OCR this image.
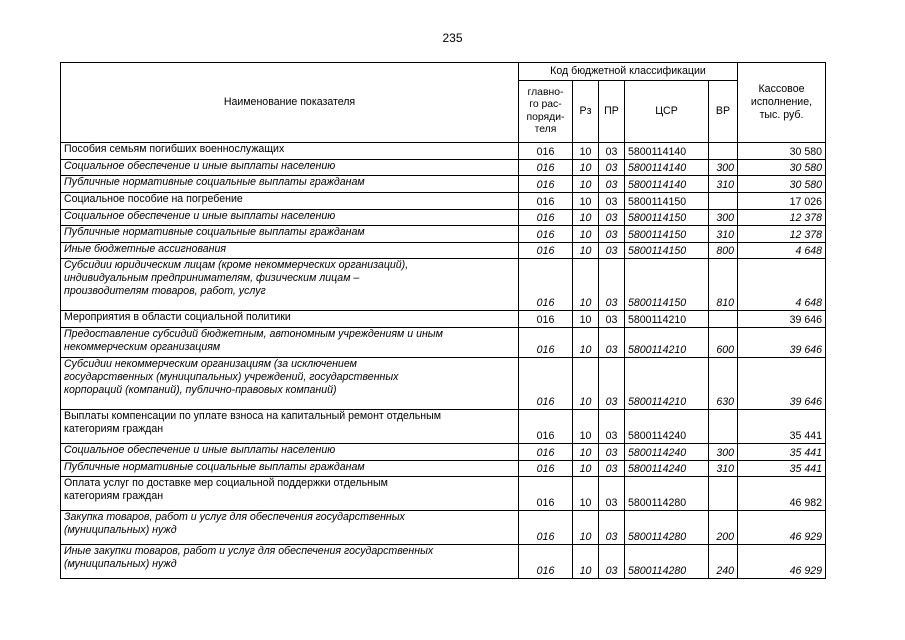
235
Наименование показателя	Код бюджетной классификации					Кассовое
исполнение,
тыс. руб.
	главно-
го рас-
поряди-
теля	Рз	ПР	ЦСР	ВР	
Пособия семьям погибших военнослужащих	016	10	03	5800114140		30 580
Социальное обеспечение и иные выплаты населению	016	10	03	5800114140	300	30 580
Публичные нормативные социальные выплаты гражданам	016	10	03	5800114140	310	30 580
Социальное пособие на погребение	016	10	03	5800114150		17 026
Социальное обеспечение и иные выплаты населению	016	10	03	5800114150	300	12 378
Публичные нормативные социальные выплаты гражданам	016	10	03	5800114150	310	12 378
Иные бюджетные ассигнования	016	10	03	5800114150	800	4 648
Субсидии юридическим лицам (кроме некоммерческих организаций),
индивидуальным предпринимателям, физическим лицам –
производителям товаров, работ, услуг	016	10	03	5800114150	810	4 648
Мероприятия в области социальной политики	016	10	03	5800114210		39 646
Предоставление субсидий бюджетным, автономным учреждениям и иным
некоммерческим организациям	016	10	03	5800114210	600	39 646
Субсидии некоммерческим организациям (за исключением
государственных (муниципальных) учреждений, государственных
корпораций (компаний), публично-правовых компаний)	016	10	03	5800114210	630	39 646
Выплаты компенсации по уплате взноса на капитальный ремонт отдельным
категориям граждан	016	10	03	5800114240		35 441
Социальное обеспечение и иные выплаты населению	016	10	03	5800114240	300	35 441
Публичные нормативные социальные выплаты гражданам	016	10	03	5800114240	310	35 441
Оплата услуг по доставке мер социальной поддержки отдельным
категориям граждан	016	10	03	5800114280		46 982
Закупка товаров, работ и услуг для обеспечения государственных
(муниципальных) нужд	016	10	03	5800114280	200	46 929
Иные закупки товаров, работ и услуг для обеспечения государственных
(муниципальных) нужд	016	10	03	5800114280	240	46 929
